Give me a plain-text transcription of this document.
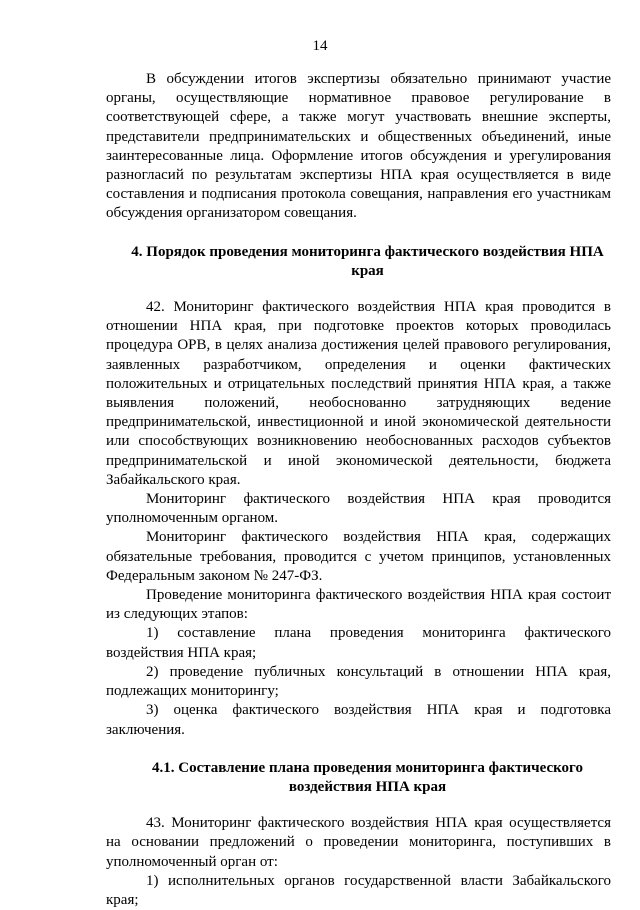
14

В обсуждении итогов экспертизы обязательно принимают участие органы, осуществляющие нормативное правовое регулирование в соответствующей сфере, а также могут участвовать внешние эксперты, представители предпринимательских и общественных объединений, иные заинтересованные лица. Оформление итогов обсуждения и урегулирования разногласий по результатам экспертизы НПА края осуществляется в виде составления и подписания протокола совещания, направления его участникам обсуждения организатором совещания.

4. Порядок проведения мониторинга фактического воздействия НПА края

42. Мониторинг фактического воздействия НПА края проводится в отношении НПА края, при подготовке проектов которых проводилась процедура ОРВ, в целях анализа достижения целей правового регулирования, заявленных разработчиком, определения и оценки фактических положительных и отрицательных последствий принятия НПА края, а также выявления положений, необоснованно затрудняющих ведение предпринимательской, инвестиционной и иной экономической деятельности или способствующих возникновению необоснованных расходов субъектов предпринимательской и иной экономической деятельности, бюджета Забайкальского края.

Мониторинг фактического воздействия НПА края проводится уполномоченным органом.

Мониторинг фактического воздействия НПА края, содержащих обязательные требования, проводится с учетом принципов, установленных Федеральным законом № 247-ФЗ.

Проведение мониторинга фактического воздействия НПА края состоит из следующих этапов:

1) составление плана проведения мониторинга фактического воздействия НПА края;

2) проведение публичных консультаций в отношении НПА края, подлежащих мониторингу;

3) оценка фактического воздействия НПА края и подготовка заключения.

4.1. Составление плана проведения мониторинга фактического воздействия НПА края

43. Мониторинг фактического воздействия НПА края осуществляется на основании предложений о проведении мониторинга, поступивших в уполномоченный орган от:

1) исполнительных органов государственной власти Забайкальского края;
